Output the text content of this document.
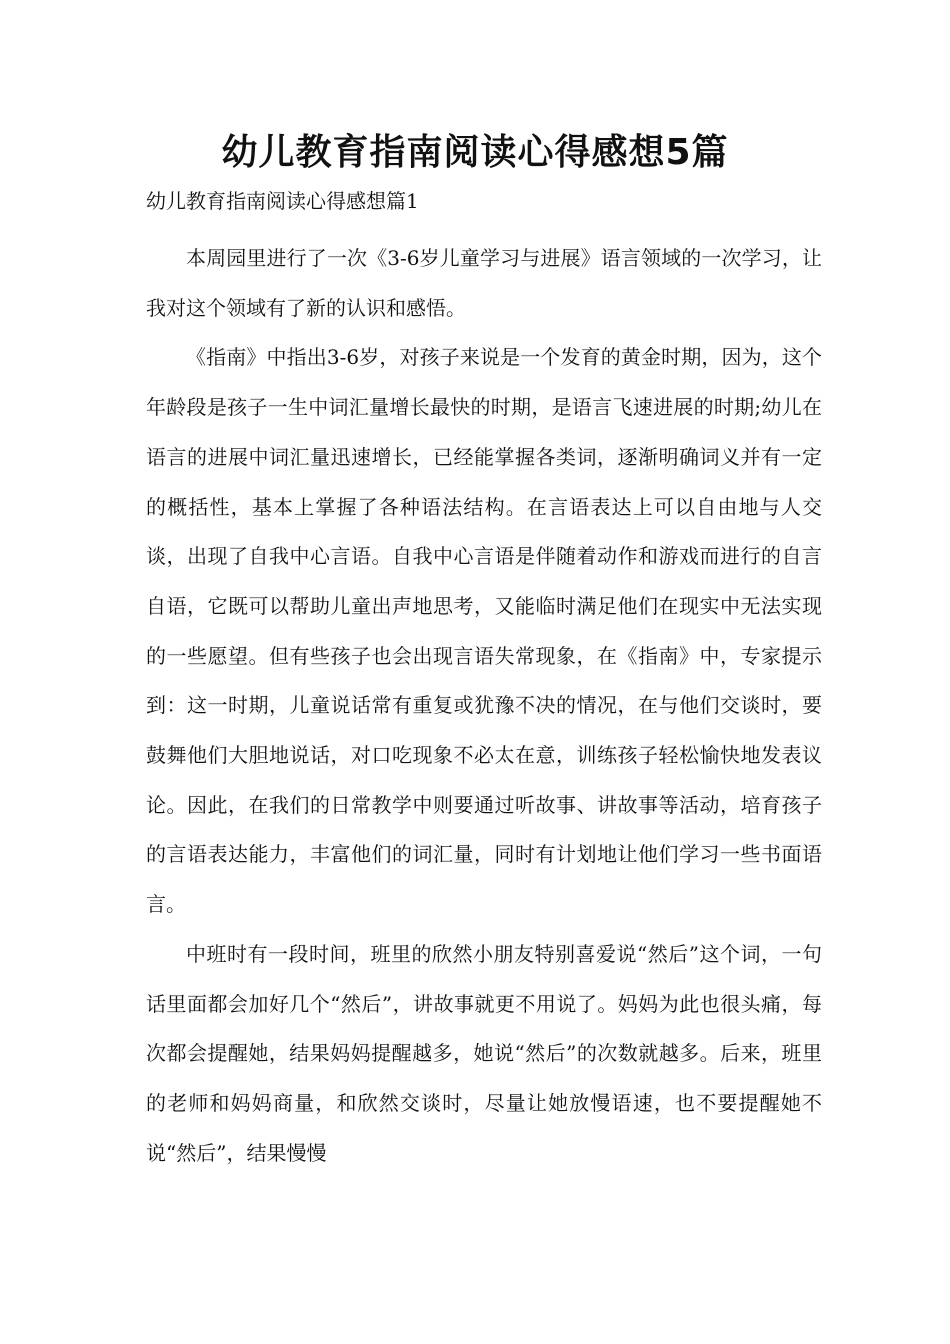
幼儿教育指南阅读心得感想5篇

幼儿教育指南阅读心得感想篇1

本周园里进行了一次《3-6岁儿童学习与进展》语言领域的一次学习，让我对这个领域有了新的认识和感悟。

《指南》中指出3-6岁，对孩子来说是一个发育的黄金时期，因为，这个年龄段是孩子一生中词汇量增长最快的时期，是语言飞速进展的时期;幼儿在语言的进展中词汇量迅速增长，已经能掌握各类词，逐渐明确词义并有一定的概括性，基本上掌握了各种语法结构。在言语表达上可以自由地与人交谈，出现了自我中心言语。自我中心言语是伴随着动作和游戏而进行的自言自语，它既可以帮助儿童出声地思考，又能临时满足他们在现实中无法实现的一些愿望。但有些孩子也会出现言语失常现象，在《指南》中，专家提示到：这一时期，儿童说话常有重复或犹豫不决的情况，在与他们交谈时，要鼓舞他们大胆地说话，对口吃现象不必太在意，训练孩子轻松愉快地发表议论。因此，在我们的日常教学中则要通过听故事、讲故事等活动，培育孩子的言语表达能力，丰富他们的词汇量，同时有计划地让他们学习一些书面语言。

中班时有一段时间，班里的欣然小朋友特别喜爱说“然后”这个词，一句话里面都会加好几个“然后”，讲故事就更不用说了。妈妈为此也很头痛，每次都会提醒她，结果妈妈提醒越多，她说“然后”的次数就越多。后来，班里的老师和妈妈商量，和欣然交谈时，尽量让她放慢语速，也不要提醒她不说“然后”，结果慢慢
